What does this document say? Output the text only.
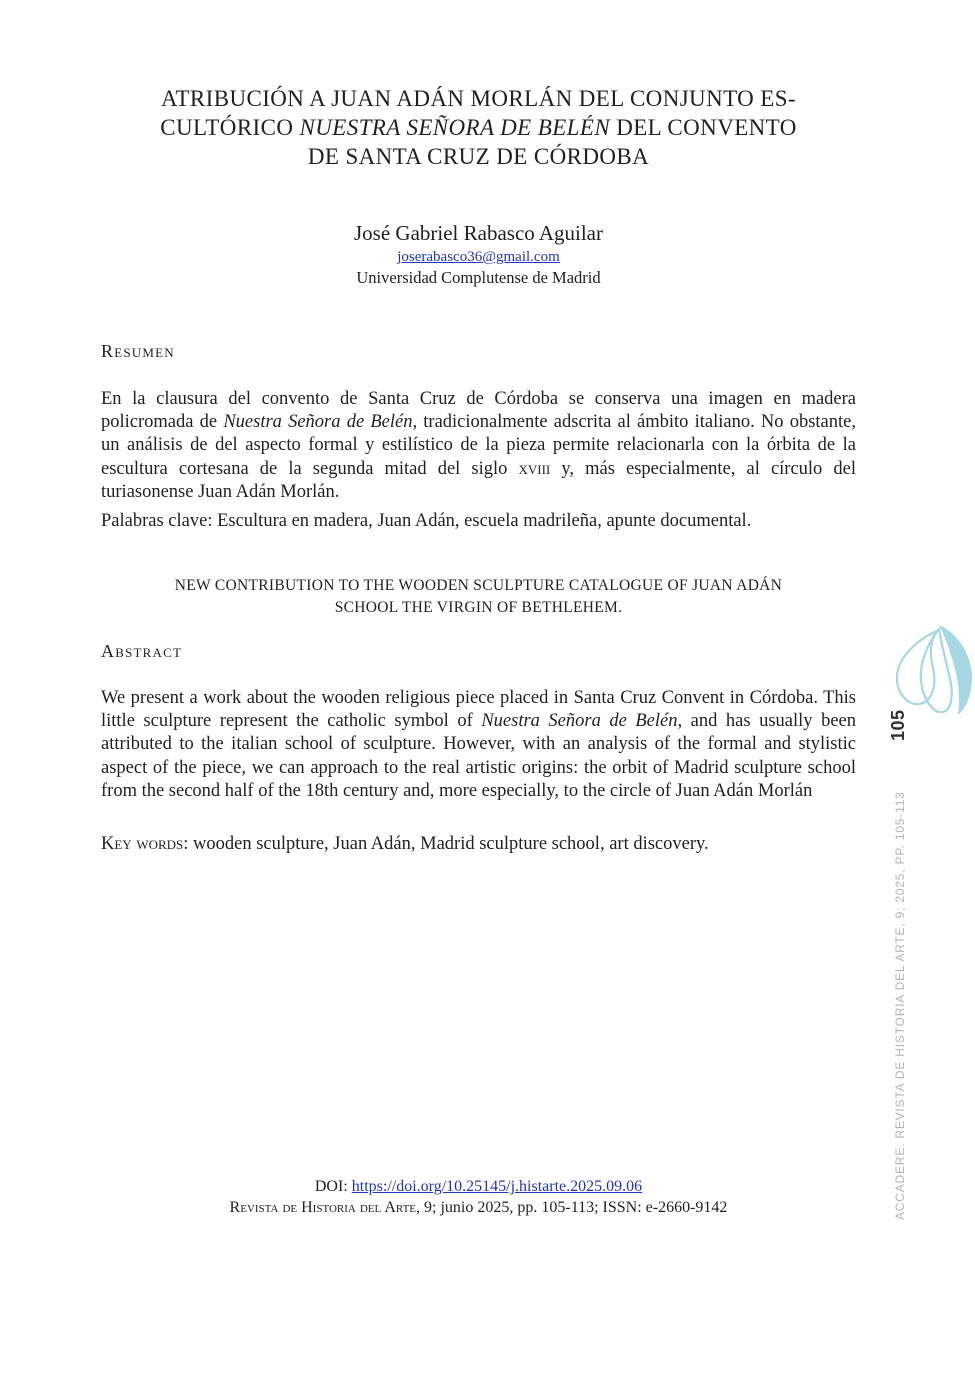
ATRIBUCIÓN A JUAN ADÁN MORLÁN DEL CONJUNTO ES-
CULTÓRICO NUESTRA SEÑORA DE BELÉN DEL CONVENTO
DE SANTA CRUZ DE CÓRDOBA
José Gabriel Rabasco Aguilar
joserabasco36@gmail.com
Universidad Complutense de Madrid
Resumen

En la clausura del convento de Santa Cruz de Córdoba se conserva una imagen en madera policromada de Nuestra Señora de Belén, tradicionalmente adscrita al ámbito italiano. No obstante, un análisis de del aspecto formal y estilístico de la pieza permite relacionarla con la órbita de la escultura cortesana de la segunda mitad del siglo xviii y, más especialmente, al círculo del turiasonense Juan Adán Morlán.

Palabras clave: Escultura en madera, Juan Adán, escuela madrileña, apunte documental.

NEW CONTRIBUTION TO THE WOODEN SCULPTURE CATALOGUE OF JUAN ADÁN
SCHOOL THE VIRGIN OF BETHLEHEM.
Abstract

We present a work about the wooden religious piece placed in Santa Cruz Convent in Córdoba. This little sculpture represent the catholic symbol of Nuestra Señora de Belén, and has usually been attributed to the italian school of sculpture. However, with an analysis of the formal and stylistic aspect of the piece, we can approach to the real artistic origins: the orbit of Madrid sculpture school from the second half of the 18th century and, more especially, to the circle of Juan Adán Morlán

Key words: wooden sculpture, Juan Adán, Madrid sculpture school, art discovery.

DOI: https://doi.org/10.25145/j.histarte.2025.09.06
Revista de Historia del Arte, 9; junio 2025, pp. 105-113; ISSN: e-2660-9142
105
ACCADERE. REVISTA DE HISTORIA DEL ARTE, 9; 2025, PP. 105-113
